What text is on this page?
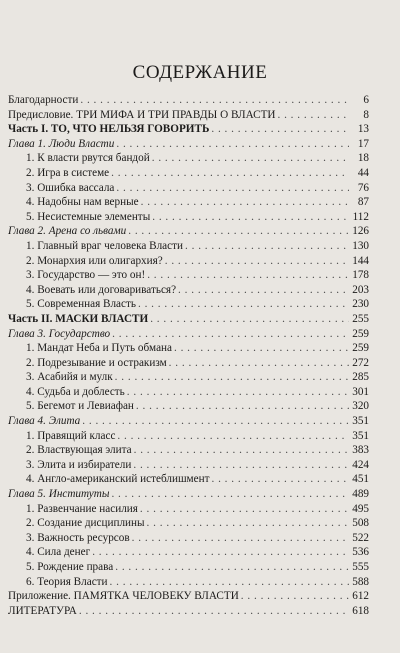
СОДЕРЖАНИЕ
Благодарности . . .	6
Предисловие. ТРИ МИФА И ТРИ ПРАВДЫ О ВЛАСТИ . . .	8
Часть I. ТО, ЧТО НЕЛЬЗЯ ГОВОРИТЬ . . .	13
Глава 1. Люди Власти . . .	17
1. К власти рвутся бандой . . .	18
2. Игра в системе . . .	44
3. Ошибка вассала . . .	76
4. Надобны нам верные . . .	87
5. Несистемные элементы . . .	112
Глава 2. Арена со львами . . .	126
1. Главный враг человека Власти . . .	130
2. Монархия или олигархия? . . .	144
3. Государство — это он! . . .	178
4. Воевать или договариваться? . . .	203
5. Современная Власть . . .	230
Часть II. МАСКИ ВЛАСТИ . . .	255
Глава 3. Государство . . .	259
1. Мандат Неба и Путь обмана . . .	259
2. Подрезывание и остракизм . . .	272
3. Асабийя и мулк . . .	285
4. Судьба и доблесть . . .	301
5. Бегемот и Левиафан . . .	320
Глава 4. Элита . . .	351
1. Правящий класс . . .	351
2. Властвующая элита . . .	383
3. Элита и избиратели . . .	424
4. Англо-американский истеблишмент . . .	451
Глава 5. Институты . . .	489
1. Развенчание насилия . . .	495
2. Создание дисциплины . . .	508
3. Важность ресурсов . . .	522
4. Сила денег . . .	536
5. Рождение права . . .	555
6. Теория Власти . . .	588
Приложение. ПАМЯТКА ЧЕЛОВЕКУ ВЛАСТИ . . .	612
ЛИТЕРАТУРА . . .	618
